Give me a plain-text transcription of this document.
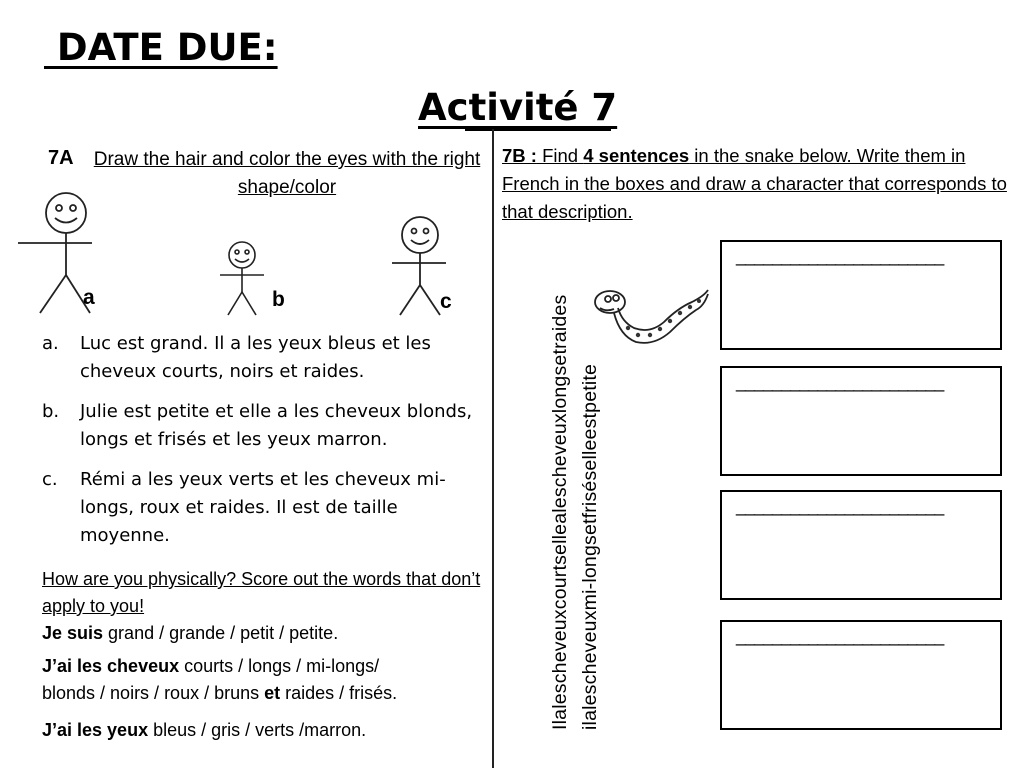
DATE DUE:
Activité 7
7A Draw the hair and color the eyes with the right shape/color
a	b	c
a.	Luc est grand. Il a les yeux bleus et les cheveux courts, noirs et raides.
b.	Julie est petite et elle a les cheveux blonds, longs et frisés et les yeux marron.
c.	Rémi a les yeux verts et les cheveux mi-longs, roux et raides. Il est de taille moyenne.
How are you physically? Score out the words that don’t apply to you!
Je suis grand / grande / petit / petite.
J’ai les cheveux courts / longs / mi-longs/
blonds / noirs / roux / bruns et raides / frisés.
J’ai les yeux bleus / gris / verts /marron.
7B : Find 4 sentences in the snake below. Write them in French in the boxes and draw a character that corresponds to that description.
Ilalescheveuxcourtsellealescheveuxlongsetraides ilalescheveuxmi-longsetfriséselleestpetite
_______________________
_______________________
_______________________
_______________________
